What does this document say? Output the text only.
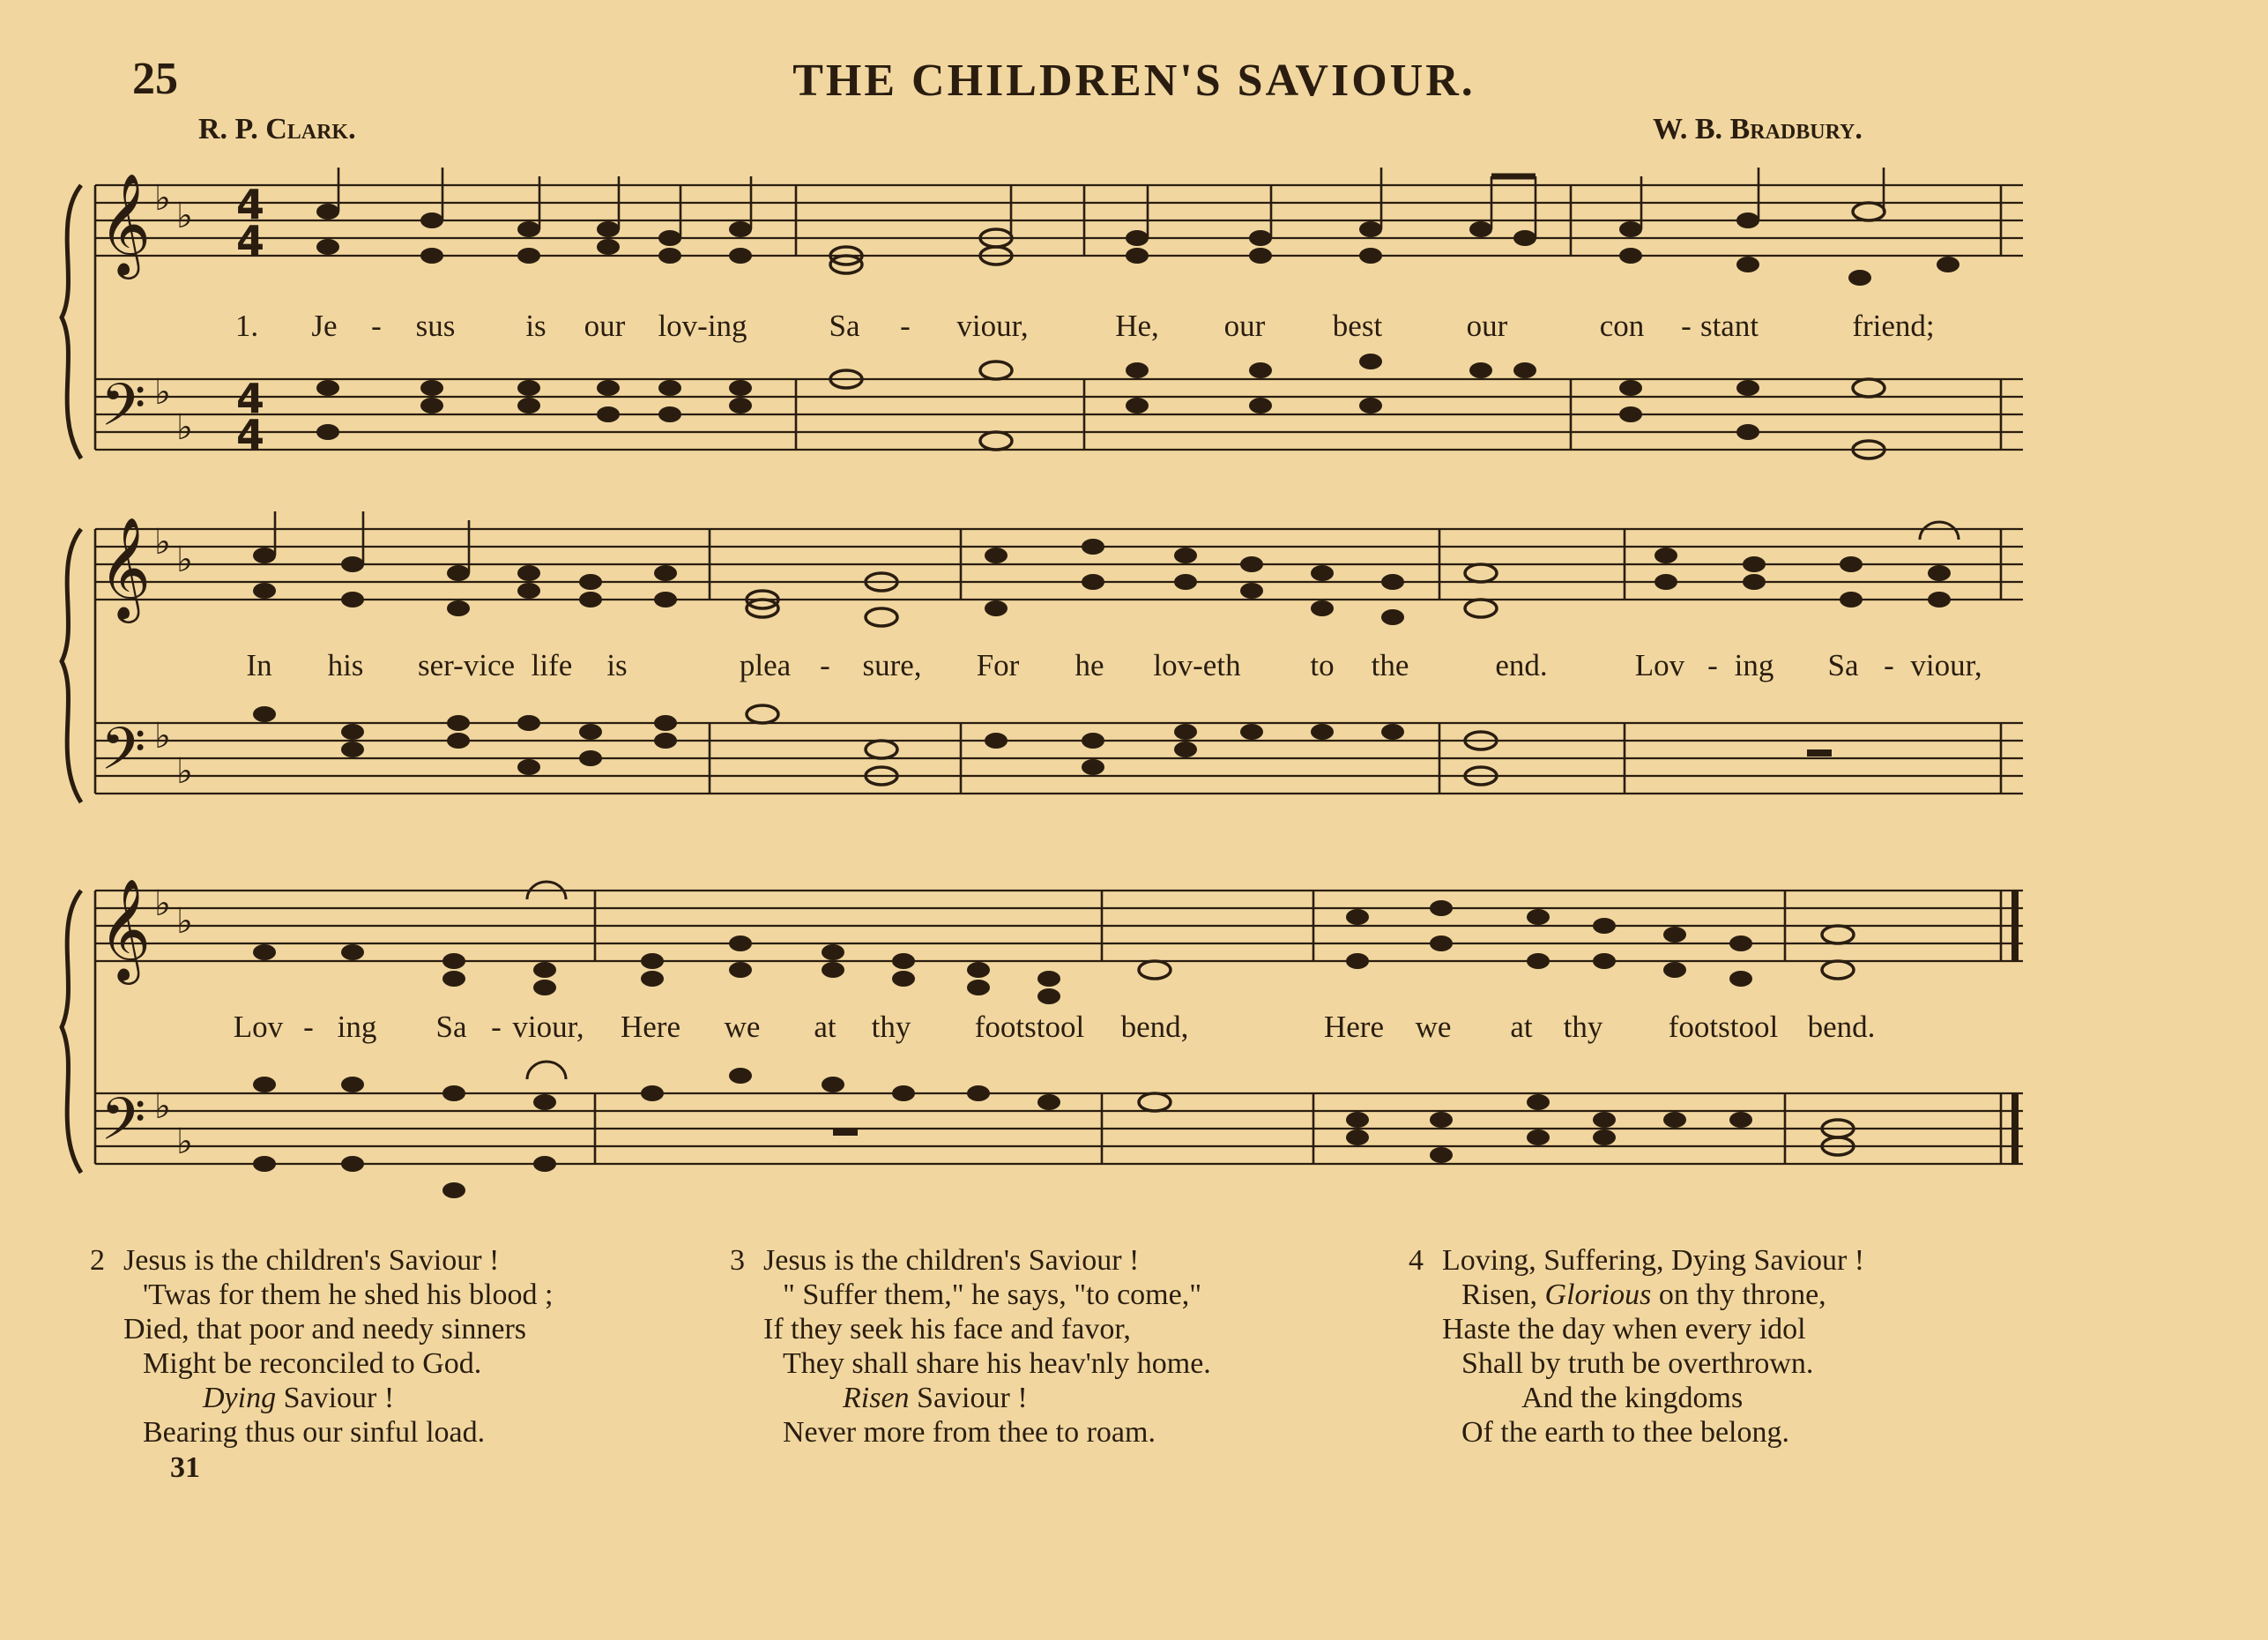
25	THE CHILDREN'S SAVIOUR.
R. P. Clark.	W. B. Bradbury.
𝄞
𝄢
♭ ♭
♭
♭
4
4
4
4
1. Je - sus is our lov-ing	Sa - viour,	He, our best	our	con - stant	friend;
𝄞
𝄢
♭ ♭
♭
♭
In his ser-vice life is	plea - sure, For he lov-eth to the	end.	Lov - ing Sa - viour,
𝄞
𝄢
♭ ♭
♭
♭
Lov - ing Sa - viour, Here we at thy footstool bend,	Here we at thy footstool bend.
2 Jesus is the children's Saviour !
'Twas for them he shed his blood ;
Died, that poor and needy sinners
Might be reconciled to God.
Dying Saviour !
Bearing thus our sinful load.
3 Jesus is the children's Saviour !
" Suffer them," he says, "to come,"
If they seek his face and favor,
They shall share his heav'nly home.
Risen Saviour !
Never more from thee to roam.
4 Loving, Suffering, Dying Saviour !
Risen, Glorious on thy throne,
Haste the day when every idol
Shall by truth be overthrown.
And the kingdoms
Of the earth to thee belong.
31
